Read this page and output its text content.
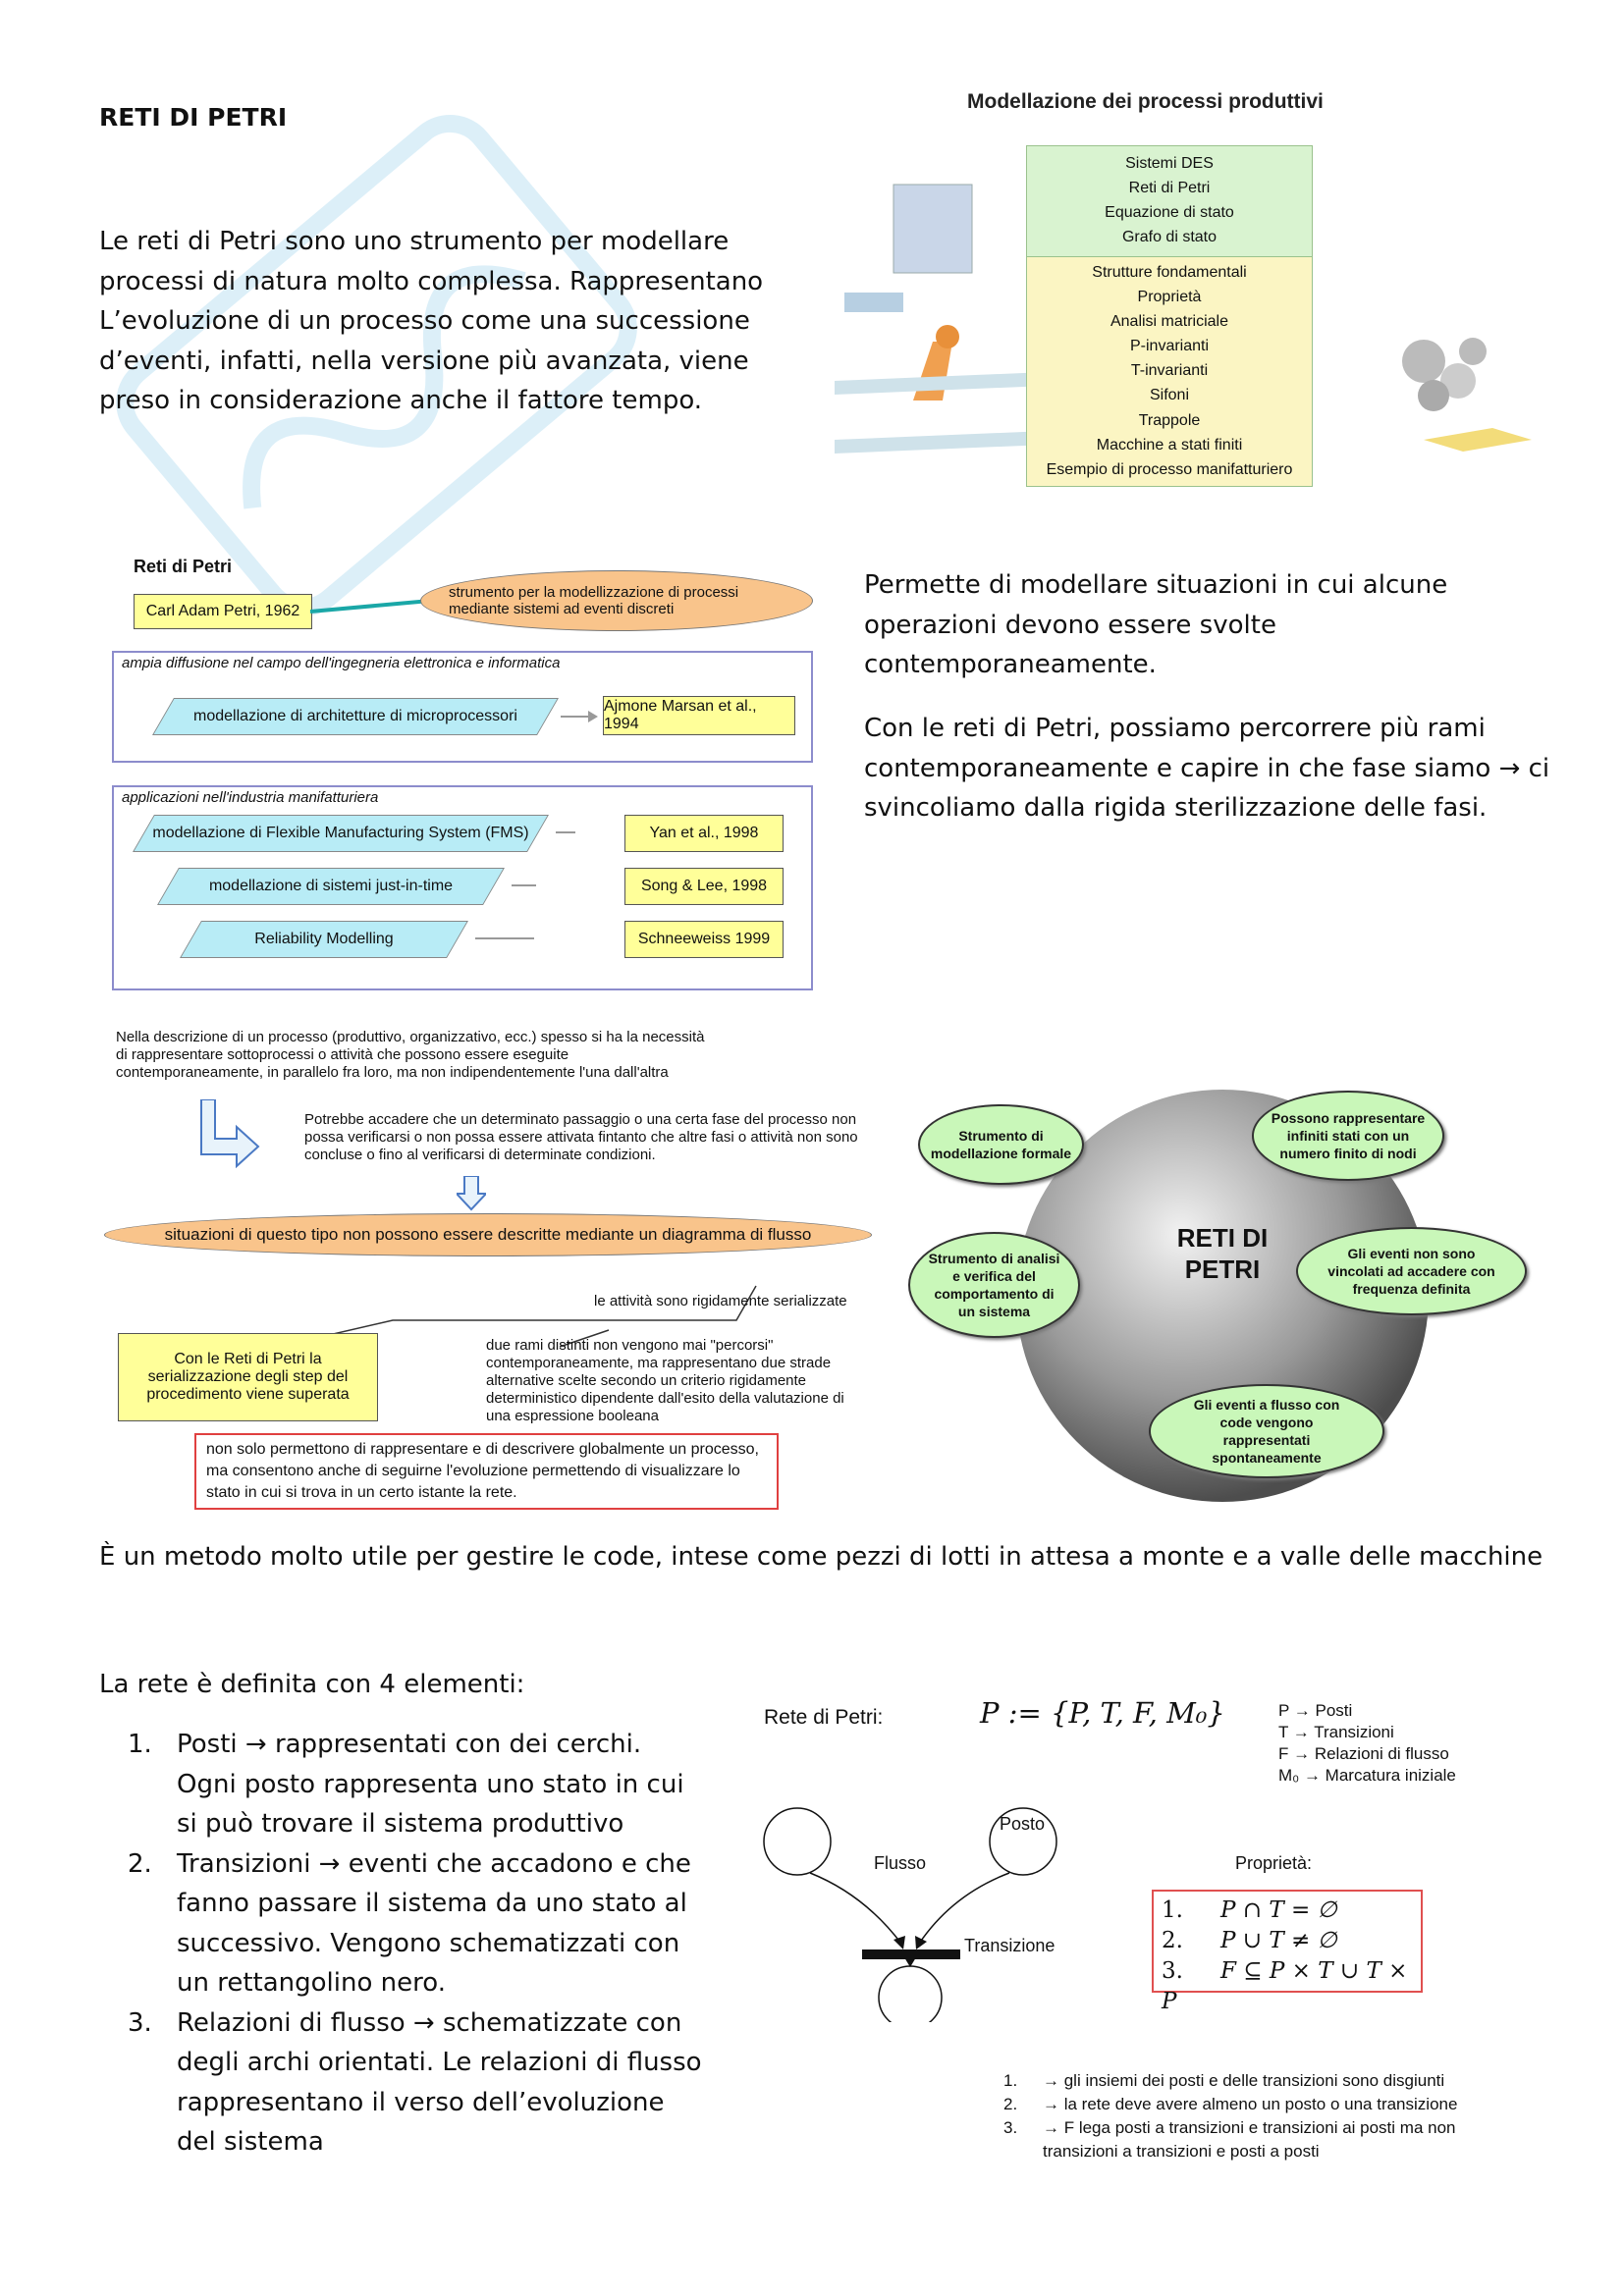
RETI DI PETRI
Le reti di Petri sono uno strumento per modellare processi di natura molto complessa. Rappresentano L’evoluzione di un processo come una successione d’eventi, infatti, nella versione più avanzata, viene preso in considerazione anche il fattore tempo.
Modellazione dei processi produttivi
Sistemi DES
Reti di Petri
Equazione di stato
Grafo di stato
Strutture fondamentali
Proprietà
Analisi matriciale
P-invarianti
T-invarianti
Sifoni
Trappole
Macchine a stati finiti
Esempio di processo manifatturiero
Reti di Petri
Carl Adam Petri, 1962
strumento per la modellizzazione di processi mediante sistemi ad eventi discreti
ampia diffusione nel campo dell'ingegneria elettronica e informatica
modellazione di architetture di microprocessori
Ajmone Marsan et al., 1994
applicazioni nell'industria manifatturiera
modellazione di Flexible Manufacturing System (FMS)	Yan et al., 1998
modellazione di sistemi just-in-time	Song & Lee, 1998
Reliability Modelling	Schneeweiss 1999
Permette di modellare situazioni in cui alcune operazioni devono essere svolte contemporaneamente.
Con le reti di Petri, possiamo percorrere più rami contemporaneamente e capire in che fase siamo → ci svincoliamo dalla rigida sterilizzazione delle fasi.
Nella descrizione di un processo (produttivo, organizzativo, ecc.) spesso si ha la necessità di rappresentare sottoprocessi o attività che possono essere eseguite contemporaneamente, in parallelo fra loro, ma non indipendentemente l'una dall'altra
Potrebbe accadere che un determinato passaggio o una certa fase del processo non possa verificarsi o non possa essere attivata fintanto che altre fasi o attività non sono concluse o fino al verificarsi di determinate condizioni.
situazioni di questo tipo non possono essere descritte mediante un diagramma di flusso
le attività sono rigidamente serializzate
Con le Reti di Petri la serializzazione degli step del procedimento viene superata
due rami distinti non vengono mai "percorsi" contemporaneamente, ma rappresentano due strade alternative scelte secondo un criterio rigidamente deterministico dipendente dall'esito della valutazione di una espressione booleana
non solo permettono di rappresentare e di descrivere globalmente un processo, ma consentono anche di seguirne l'evoluzione permettendo di visualizzare lo stato in cui si trova in un certo istante la rete.
RETI DI PETRI
Strumento di modellazione formale
Possono rappresentare infiniti stati con un numero finito di nodi
Strumento di analisi e verifica del comportamento di un sistema
Gli eventi non sono vincolati ad accadere con frequenza definita
Gli eventi a flusso con code vengono rappresentati spontaneamente
È un metodo molto utile per gestire le code, intese come pezzi di lotti in attesa a monte e a valle delle macchine
La rete è definita con 4 elementi:
1. Posti → rappresentati con dei cerchi. Ogni posto rappresenta uno stato in cui si può trovare il sistema produttivo
2. Transizioni → eventi che accadono e che fanno passare il sistema da uno stato al successivo. Vengono schematizzati con un rettangolino nero.
3. Relazioni di flusso → schematizzate con degli archi orientati. Le relazioni di flusso rappresentano il verso dell’evoluzione del sistema
Rete di Petri:	P := {P, T, F, M₀}	P → Posti
T → Transizioni
F → Relazioni di flusso
M₀ → Marcatura iniziale
Posto
Flusso
Transizione
Proprietà:
1. P ∩ T = ∅
2. P ∪ T ≠ ∅
3. F ⊆ P × T ∪ T × P
1. → gli insiemi dei posti e delle transizioni sono disgiunti
2. → la rete deve avere almeno un posto o una transizione
3. → F lega posti a transizioni e transizioni ai posti ma non transizioni a transizioni e posti a posti
